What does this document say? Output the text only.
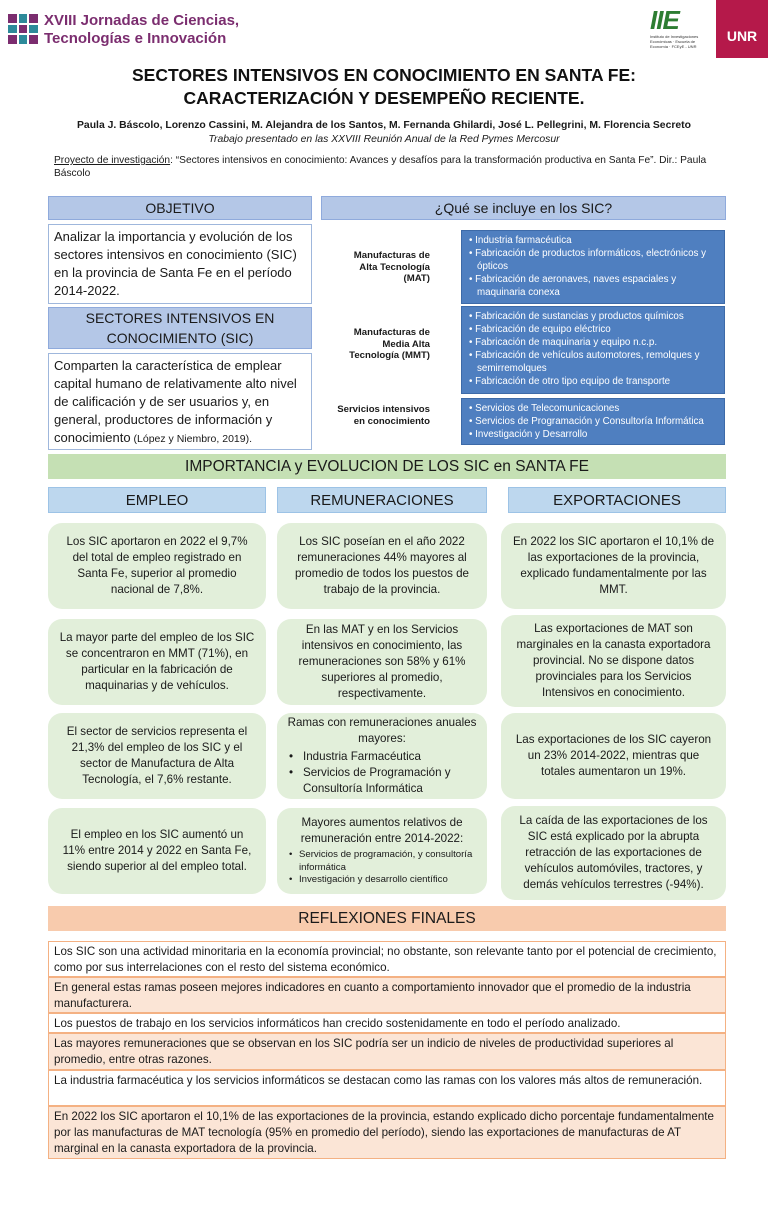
XVIII Jornadas de Ciencias,
Tecnologías e Innovación
IIE
Instituto de Investigaciones Económicas · Escuela de Economía · FCEyE - UNR
UNR
SECTORES INTENSIVOS EN CONOCIMIENTO EN SANTA FE:
CARACTERIZACIÓN Y DESEMPEÑO RECIENTE.
Paula J. Báscolo, Lorenzo Cassini, M. Alejandra de los Santos, M. Fernanda Ghilardi, José L. Pellegrini, M. Florencia Secreto
Trabajo presentado en las XXVIII Reunión Anual de la Red Pymes Mercosur
Proyecto de investigación: “Sectores intensivos en conocimiento: Avances y desafíos para la transformación productiva en Santa Fe”. Dir.: Paula Báscolo
OBJETIVO
Analizar la importancia y evolución de los sectores intensivos en conocimiento (SIC) en la provincia de Santa Fe en el período 2014-2022.
SECTORES INTENSIVOS EN CONOCIMIENTO (SIC)
Comparten la característica de emplear capital humano de relativamente alto nivel de calificación y de ser usuarios y, en general, productores de información y conocimiento (López y Niembro, 2019).
¿Qué se incluye en los SIC?
Manufacturas de Alta Tecnología (MAT)
• Industria farmacéutica
• Fabricación de productos informáticos, electrónicos y ópticos
• Fabricación de aeronaves, naves espaciales y maquinaria conexa
Manufacturas de Media Alta Tecnología (MMT)
• Fabricación de sustancias y productos químicos
• Fabricación de equipo eléctrico
• Fabricación de maquinaria y equipo n.c.p.
• Fabricación de vehículos automotores, remolques y semirremolques
• Fabricación de otro tipo equipo de transporte
Servicios intensivos en conocimiento
• Servicios de Telecomunicaciones
• Servicios de Programación y Consultoría Informática
• Investigación y Desarrollo
IMPORTANCIA y EVOLUCION DE LOS SIC en SANTA FE
EMPLEO
Los SIC aportaron en 2022 el 9,7% del total de empleo registrado en Santa Fe, superior al promedio nacional de 7,8%.
La mayor parte del empleo de los SIC se concentraron en MMT (71%), en particular en la fabricación de maquinarias y de vehículos.
El sector de servicios representa el 21,3% del empleo de los SIC y el sector de Manufactura de Alta Tecnología, el 7,6% restante.
El empleo en los SIC aumentó un 11% entre 2014 y 2022 en Santa Fe, siendo superior al del empleo total.
REMUNERACIONES
Los SIC poseían en el año 2022 remuneraciones 44% mayores al promedio de todos los puestos de trabajo de la provincia.
En las MAT y en los Servicios intensivos en conocimiento, las remuneraciones son 58% y 61% superiores al promedio, respectivamente.
Ramas con remuneraciones anuales mayores:
• Industria Farmacéutica
• Servicios de Programación y Consultoría Informática
Mayores aumentos relativos de remuneración entre 2014-2022:
• Servicios de programación, y consultoría informática
• Investigación y desarrollo científico
EXPORTACIONES
En 2022 los SIC aportaron el 10,1% de las exportaciones de la provincia, explicado fundamentalmente por las MMT.
Las exportaciones de MAT son marginales en la canasta exportadora provincial. No se dispone datos provinciales para los Servicios Intensivos en conocimiento.
Las exportaciones de los SIC cayeron un 23% 2014-2022, mientras que totales aumentaron un 19%.
La caída de las exportaciones de los SIC está explicado por la abrupta retracción de las exportaciones de vehículos automóviles, tractores, y demás vehículos terrestres (-94%).
REFLEXIONES FINALES
Los SIC son una actividad minoritaria en la economía provincial; no obstante, son relevante tanto por el potencial de crecimiento, como por sus interrelaciones con el resto del sistema económico.
En general estas ramas poseen mejores indicadores en cuanto a comportamiento innovador que el promedio de la industria manufacturera.
Los puestos de trabajo en los servicios informáticos han crecido sostenidamente en todo el período analizado.
Las mayores remuneraciones que se observan en los SIC podría ser un indicio de niveles de productividad superiores al promedio, entre otras razones.
La industria farmacéutica y los servicios informáticos se destacan como las ramas con los valores más altos de remuneración.
En 2022 los SIC aportaron el 10,1% de las exportaciones de la provincia, estando explicado dicho porcentaje fundamentalmente por las manufacturas de MAT tecnología (95% en promedio del período), siendo las exportaciones de manufacturas de AT marginal en la canasta exportadora de la provincia.
